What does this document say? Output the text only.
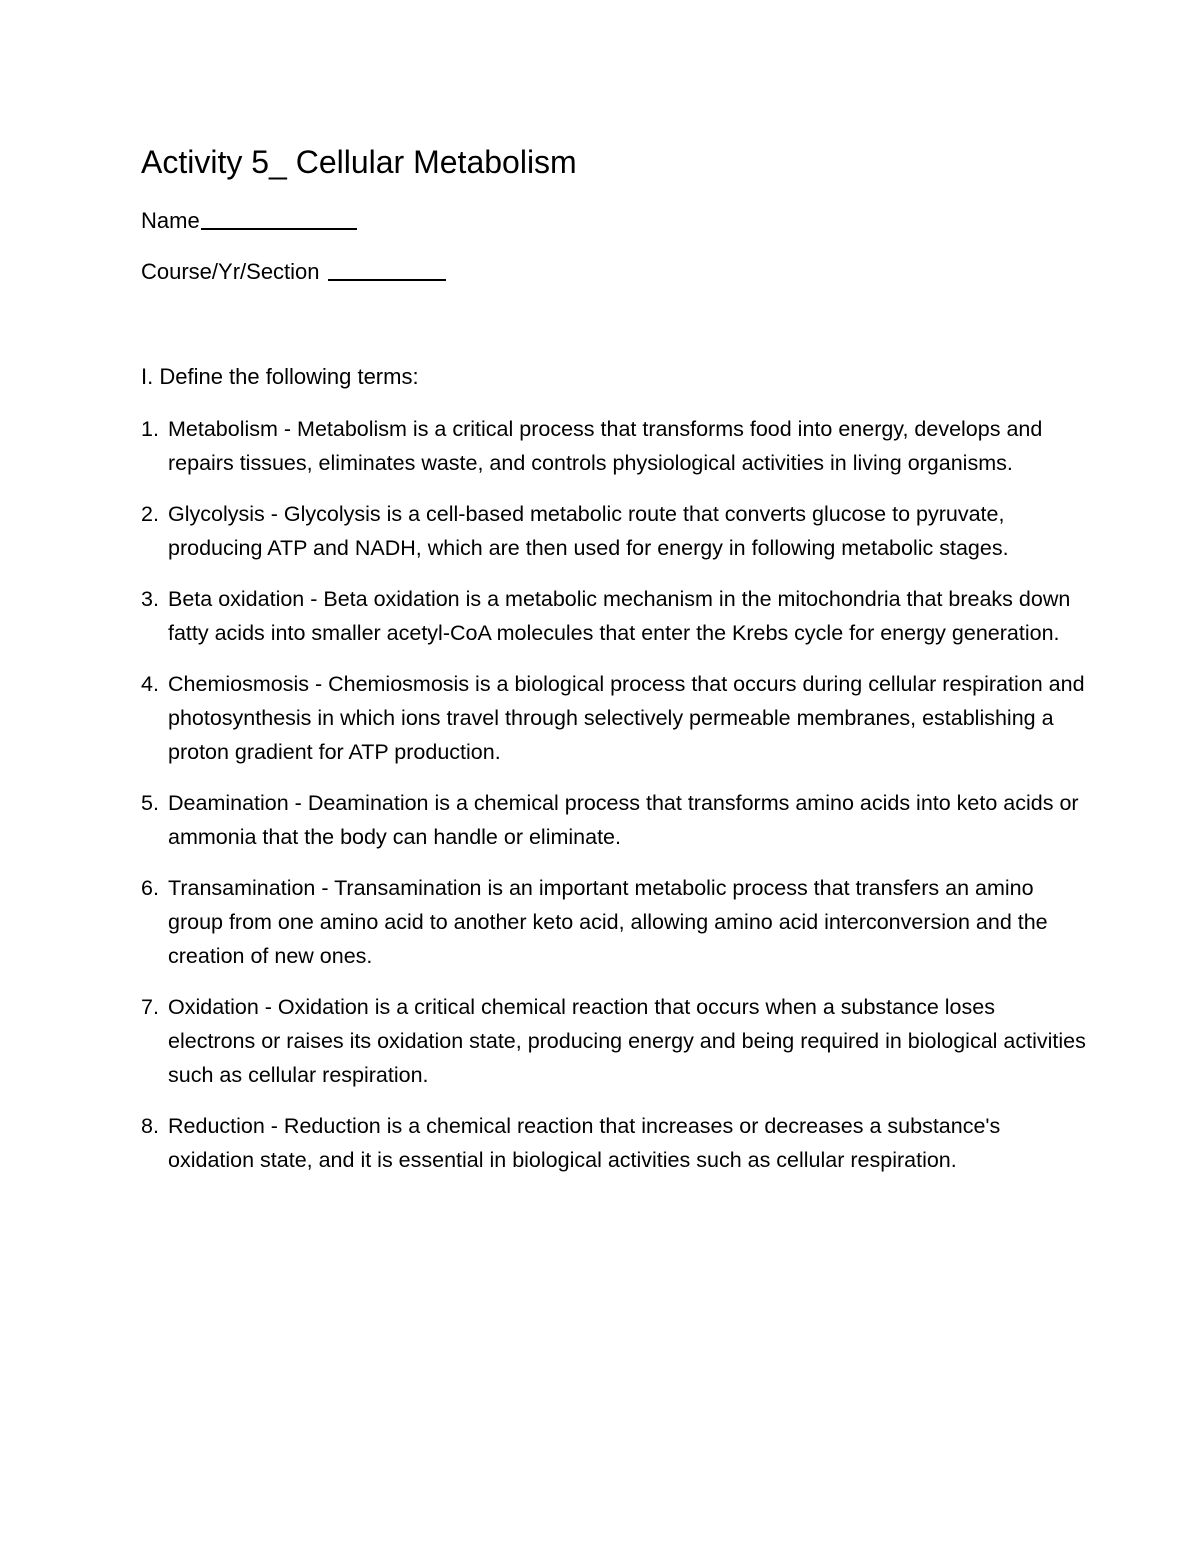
Activity 5_ Cellular Metabolism
Name
Course/Yr/Section
I. Define the following terms:
1. Metabolism - Metabolism is a critical process that transforms food into energy, develops and repairs tissues, eliminates waste, and controls physiological activities in living organisms.
2. Glycolysis - Glycolysis is a cell-based metabolic route that converts glucose to pyruvate, producing ATP and NADH, which are then used for energy in following metabolic stages.
3. Beta oxidation - Beta oxidation is a metabolic mechanism in the mitochondria that breaks down fatty acids into smaller acetyl-CoA molecules that enter the Krebs cycle for energy generation.
4. Chemiosmosis - Chemiosmosis is a biological process that occurs during cellular respiration and photosynthesis in which ions travel through selectively permeable membranes, establishing a proton gradient for ATP production.
5. Deamination - Deamination is a chemical process that transforms amino acids into keto acids or ammonia that the body can handle or eliminate.
6. Transamination - Transamination is an important metabolic process that transfers an amino group from one amino acid to another keto acid, allowing amino acid interconversion and the creation of new ones.
7. Oxidation - Oxidation is a critical chemical reaction that occurs when a substance loses electrons or raises its oxidation state, producing energy and being required in biological activities such as cellular respiration.
8. Reduction - Reduction is a chemical reaction that increases or decreases a substance's oxidation state, and it is essential in biological activities such as cellular respiration.
